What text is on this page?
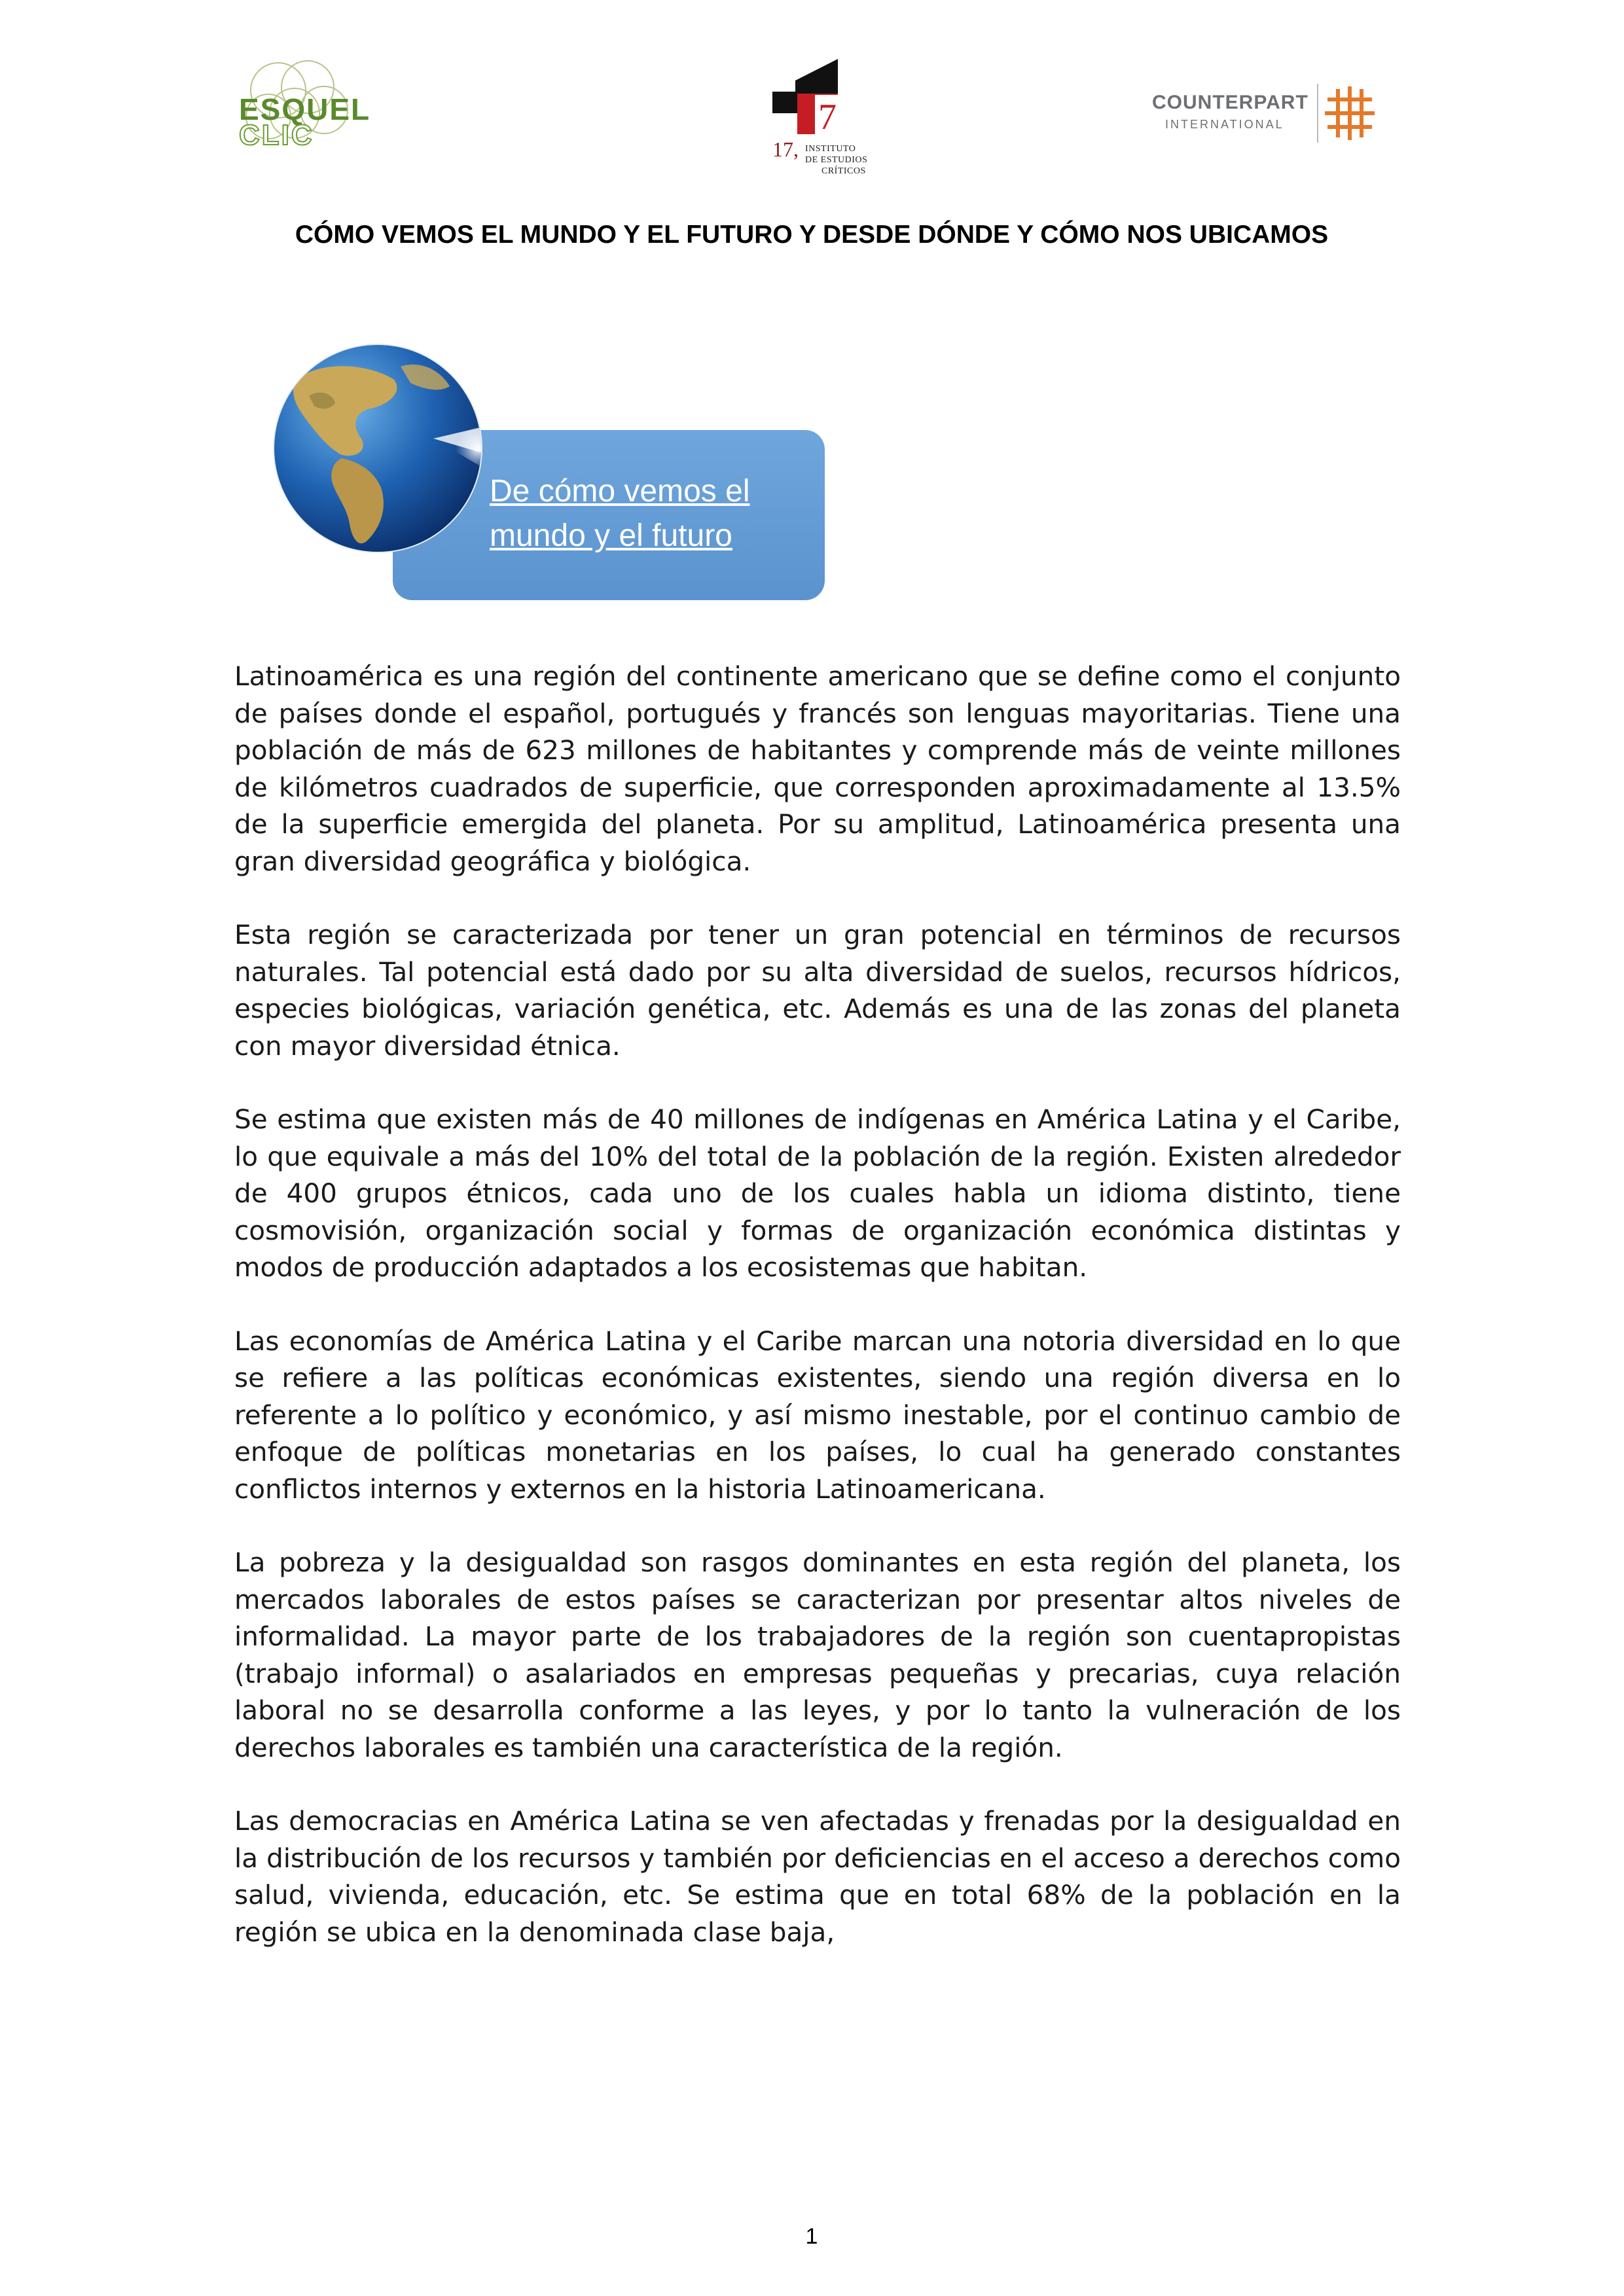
ESQUEL
CLIC	7
17, INSTITUTO
DE ESTUDIOS
CRÍTICOS
COUNTERPART
INTERNATIONAL
CÓMO VEMOS EL MUNDO Y EL FUTURO Y DESDE DÓNDE Y CÓMO NOS UBICAMOS
De cómo vemos el mundo y el futuro

Latinoamérica es una región del continente americano que se define como el conjunto de países donde el español, portugués y francés son lenguas mayoritarias. Tiene una población de más de 623 millones de habitantes y comprende más de veinte millones de kilómetros cuadrados de superficie, que corresponden aproximadamente al 13.5% de la superficie emergida del planeta. Por su amplitud, Latinoamérica presenta una gran diversidad geográfica y biológica.

Esta región se caracterizada por tener un gran potencial en términos de recursos naturales. Tal potencial está dado por su alta diversidad de suelos, recursos hídricos, especies biológicas, variación genética, etc. Además es una de las zonas del planeta con mayor diversidad étnica.

Se estima que existen más de 40 millones de indígenas en América Latina y el Caribe, lo que equivale a más del 10% del total de la población de la región. Existen alrededor de 400 grupos étnicos, cada uno de los cuales habla un idioma distinto, tiene cosmovisión, organización social y formas de organización económica distintas y modos de producción adaptados a los ecosistemas que habitan.

Las economías de América Latina y el Caribe marcan una notoria diversidad en lo que se refiere a las políticas económicas existentes, siendo una región diversa en lo referente a lo político y económico, y así mismo inestable, por el continuo cambio de enfoque de políticas monetarias en los países, lo cual ha generado constantes conflictos internos y externos en la historia Latinoamericana.

La pobreza y la desigualdad son rasgos dominantes en esta región del planeta, los mercados laborales de estos países se caracterizan por presentar altos niveles de informalidad. La mayor parte de los trabajadores de la región son cuentapropistas (trabajo informal) o asalariados en empresas pequeñas y precarias, cuya relación laboral no se desarrolla conforme a las leyes, y por lo tanto la vulneración de los derechos laborales es también una característica de la región.

Las democracias en América Latina se ven afectadas y frenadas por la desigualdad en la distribución de los recursos y también por deficiencias en el acceso a derechos como salud, vivienda, educación, etc. Se estima que en total 68% de la población en la región se ubica en la denominada clase baja,

1
